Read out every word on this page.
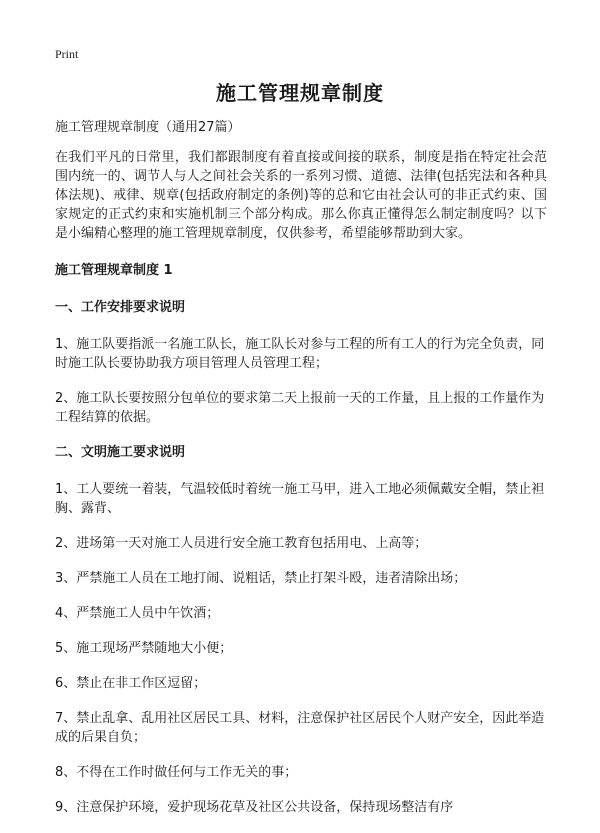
Print
施工管理规章制度
施工管理规章制度（通用27篇）
在我们平凡的日常里，我们都跟制度有着直接或间接的联系，制度是指在特定社会范围内统一的、调节人与人之间社会关系的一系列习惯、道德、法律(包括宪法和各种具体法规)、戒律、规章(包括政府制定的条例)等的总和它由社会认可的非正式约束、国家规定的正式约束和实施机制三个部分构成。那么你真正懂得怎么制定制度吗？以下是小编精心整理的施工管理规章制度，仅供参考，希望能够帮助到大家。
施工管理规章制度 1
一、工作安排要求说明
1、施工队要指派一名施工队长，施工队长对参与工程的所有工人的行为完全负责，同时施工队长要协助我方项目管理人员管理工程；
2、施工队长要按照分包单位的要求第二天上报前一天的工作量，且上报的工作量作为工程结算的依据。
二、文明施工要求说明
1、工人要统一着装，气温较低时着统一施工马甲，进入工地必须佩戴安全帽，禁止袒胸、露背、
2、进场第一天对施工人员进行安全施工教育包括用电、上高等；
3、严禁施工人员在工地打闹、说粗话，禁止打架斗殴，违者清除出场；
4、严禁施工人员中午饮酒；
5、施工现场严禁随地大小便；
6、禁止在非工作区逗留；
7、禁止乱拿、乱用社区居民工具、材料，注意保护社区居民个人财产安全，因此举造成的后果自负；
8、不得在工作时做任何与工作无关的事；
9、注意保护环境，爱护现场花草及社区公共设备，保持现场整洁有序
